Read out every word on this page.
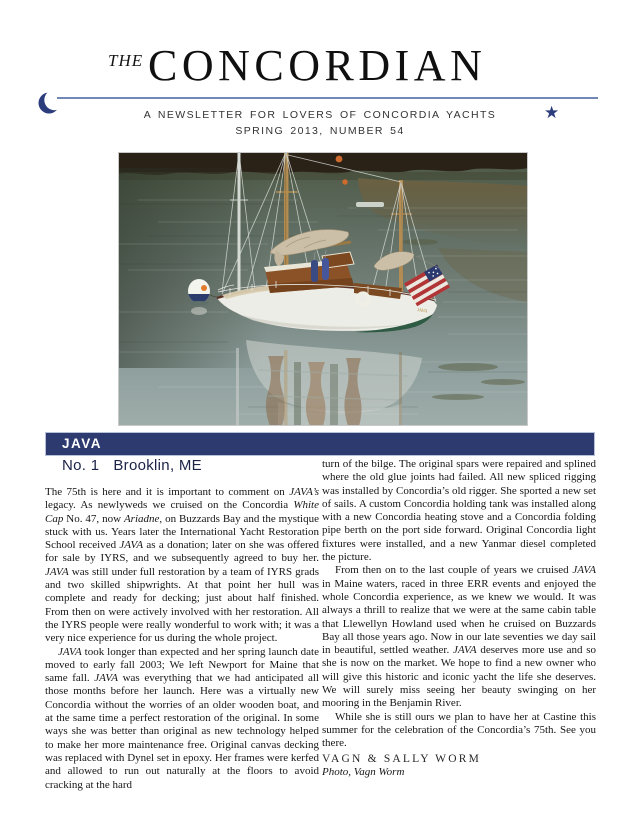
THE CONCORDIAN
★
A NEWSLETTER FOR LOVERS OF CONCORDIA YACHTS
SPRING 2013, NUMBER 54
JAVA
JAVA
No. 1 Brooklin, ME

The 75th is here and it is important to comment on JAVA’s legacy. As newlyweds we cruised on the Concordia White Cap No. 47, now Ariadne, on Buzzards Bay and the mystique stuck with us. Years later the International Yacht Restoration School received JAVA as a donation; later on she was offered for sale by IYRS, and we subsequently agreed to buy her. JAVA was still under full restoration by a team of IYRS grads and two skilled shipwrights. At that point her hull was complete and ready for decking; just about half finished. From then on were actively involved with her restoration. All the IYRS people were really wonderful to work with; it was a very nice experience for us during the whole project.

JAVA took longer than expected and her spring launch date moved to early fall 2003; We left Newport for Maine that same fall. JAVA was everything that we had anticipated all those months before her launch. Here was a virtually new Concordia without the worries of an older wooden boat, and at the same time a perfect restoration of the original. In some ways she was better than original as new technology helped to make her more maintenance free. Original canvas decking was replaced with Dynel set in epoxy. Her frames were kerfed and allowed to run out naturally at the floors to avoid cracking at the hard

turn of the bilge. The original spars were repaired and splined where the old glue joints had failed. All new spliced rigging was installed by Concordia’s old rigger. She sported a new set of sails. A custom Concordia holding tank was installed along with a new Concordia heating stove and a Concordia folding pipe berth on the port side forward. Original Concordia light fixtures were installed, and a new Yanmar diesel completed the picture.

From then on to the last couple of years we cruised JAVA in Maine waters, raced in three ERR events and enjoyed the whole Concordia experience, as we knew we would. It was always a thrill to realize that we were at the same cabin table that Llewellyn Howland used when he cruised on Buzzards Bay all those years ago. Now in our late seventies we day sail in beautiful, settled weather. JAVA deserves more use and so she is now on the market. We hope to find a new owner who will give this historic and iconic yacht the life she deserves. We will surely miss seeing her beauty swinging on her mooring in the Benjamin River.

While she is still ours we plan to have her at Castine this summer for the celebration of the Concordia’s 75th. See you there.

VAGN & SALLY WORM
Photo, Vagn Worm
